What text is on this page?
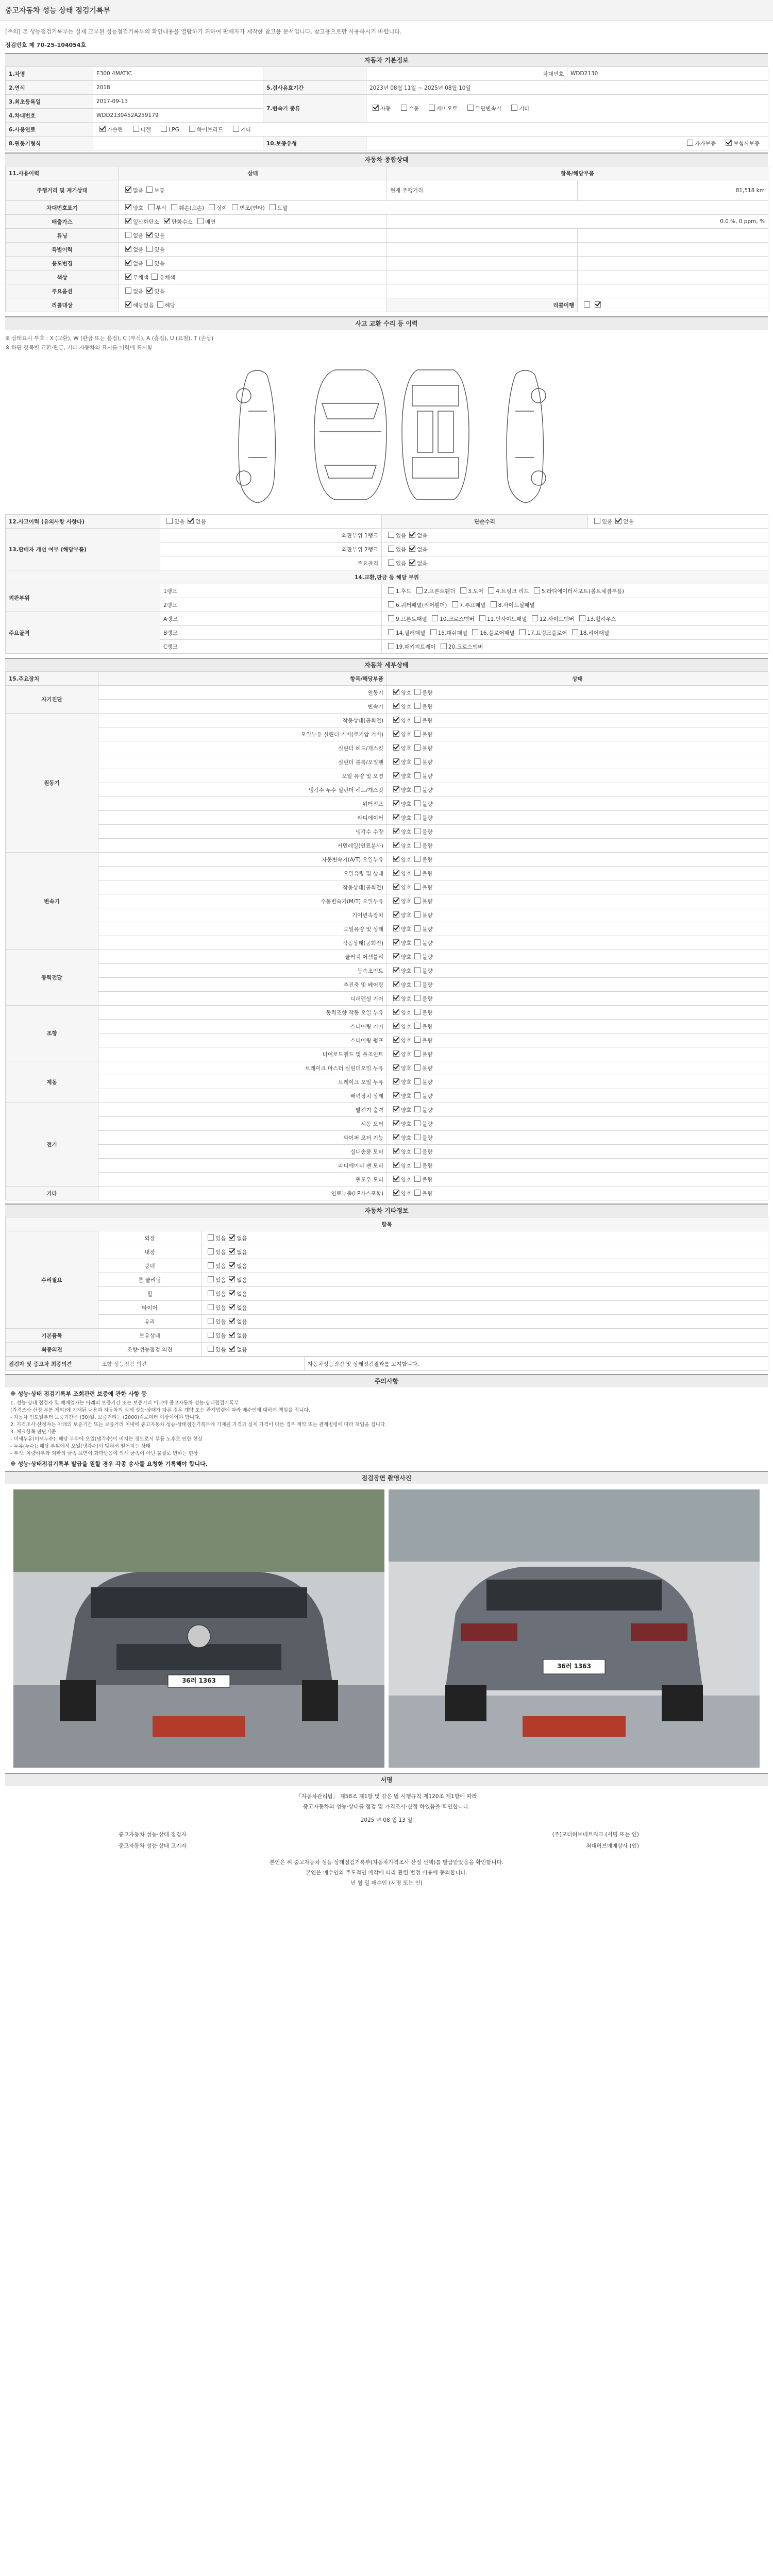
중고자동차 성능 상태 점검기록부
[주의] 본 성능점검기록부는 실제 교부된 성능점검기록부의 확인내용을 열람하기 위하여 판매자가 제작한 참고용 문서입니다. 참고용으로만 사용하시기 바랍니다.
점검번호 제 70-25-104054호
자동차 기본정보
1.차명	E300 4MATIC		차대번호	WDD2130
2.연식	2018	5.검사유효기간	2023년 08월 11일 ~ 2025년 08월 10일	
3.최초등록일	2017-09-13	7.변속기 종류	자동 수동 세미오토 무단변속기 기타	
4.차대번호	WDD2130452A259179			
6.사용연료	가솔린 디젤 LPG 하이브리드 기타			
8.원동기형식		10.보증유형	자가보증 보험사보증	
자동차 종합상태
11.사용이력	상태	항목/해당부품	
주행거리 및 계기상태	많음 보통	현재 주행거리	81,518 km
차대번호표기	양호 부식 훼손(오손) 상이 변조(변타) 도말		
배출가스	일산화탄소 탄화수소 매연	0.0 %, 0 ppm, %	
튜닝	없음 있음		
특별이력	없음 있음		
용도변경	없음 있음		
색상	무채색 유채색		
주요옵션	없음 있음		
리콜대상	해당없음 해당	리콜이행	
사고 교환 수리 등 이력
※ 상태표시 부호 : X (교환), W (판금 또는 용접), C (부식), A (흠집), U (요철), T (손상)
※ 하단 항목별 교환·판금, 기타 자동차의 표시를 이력에 표시함
12.사고이력 (유의사항 사항다)	있음 없음	단순수리	있음 없음
13.판매자 개선 여부 (해당부품)	외판부위 1랭크	있음 없음	
	외판부위 2랭크	있음 없음	
	주요골격	있음 없음	
14.교환,판금 등 해당 부위			
외판부위	1랭크	1.후드 2.프론트휀더 3.도어 4.트렁크 리드 5.라디에이터서포트(볼트체결부품)	
	2랭크	6.쿼터패널(리어휀더) 7.루프패널 8.사이드실패널	
주요골격	A랭크	9.프론트패널 10.크로스멤버 11.인사이드패널 12.사이드멤버 13.휠하우스	
	B랭크	14.필러패널 15.대쉬패널 16.플로어패널 17.트렁크플로어 18.리어패널	
	C랭크	19.패키지트레이 20.크로스멤버	
자동차 세부상태
15.주요장치	항목/해당부품	상태
자기진단	원동기	양호 불량
	변속기	양호 불량
원동기	작동상태(공회전)	양호 불량
	오일누유 실린더 커버(로커암 커버)	양호 불량
	실린더 헤드/개스킷	양호 불량
	실린더 블록/오일팬	양호 불량
	오일 유량 및 오염	양호 불량
	냉각수 누수 실린더 헤드/개스킷	양호 불량
	워터펌프	양호 불량
	라디에이터	양호 불량
	냉각수 수량	양호 불량
	커먼레일(연료분사)	양호 불량
변속기	자동변속기(A/T) 오일누유	양호 불량
	오일유량 및 상태	양호 불량
	작동상태(공회전)	양호 불량
	수동변속기(M/T) 오일누유	양호 불량
	기어변속장치	양호 불량
	오일유량 및 상태	양호 불량
	작동상태(공회전)	양호 불량
동력전달	클러치 어셈블리	양호 불량
	등속조인트	양호 불량
	추진축 및 베어링	양호 불량
	디퍼렌셜 기어	양호 불량
조향	동력조향 작동 오일 누유	양호 불량
	스티어링 기어	양호 불량
	스티어링 펌프	양호 불량
	타이로드엔드 및 볼조인트	양호 불량
제동	브레이크 마스터 실린더오일 누유	양호 불량
	브레이크 오일 누유	양호 불량
	배력장치 상태	양호 불량
전기	발전기 출력	양호 불량
	시동 모터	양호 불량
	와이퍼 모터 기능	양호 불량
	실내송풍 모터	양호 불량
	라디에이터 팬 모터	양호 불량
	윈도우 모터	양호 불량
기타	연료누출(LP가스포함)	양호 불량
자동차 기타정보
항목		
수리필요	외장	있음 없음
	내장	있음 없음
	광택	있음 없음
	룸 클리닝	있음 없음
	휠	있음 없음
	타이어	있음 없음
	유리	있음 없음
기본품목	보유상태	있음 없음
최종의견	조향·성능점검 의견	있음 없음
점검자 및 중고차 최종의견	조향·성능점검 의견	자동차성능점검 및 상태점검결과를 고지합니다.
주의사항
※ 성능·상태 점검기록부 조회관련 보증에 관한 사항 등
1. 성능·상태 점검자 및 매매업자는 아래의 보증기간 또는 보증거리 이내에 중고자동차 성능·상태점검기록부
(가격조사·산정 부분 제외)에 기재된 내용과 자동차의 실제 성능·상태가 다른 경우 계약 또는 관계법령에 따라 매수인에 대하여 책임을 집니다.
- 자동차 인도일부터 보증기간은 (30)일, 보증거리는 (2000)킬로미터 이상이어야 합니다.
2. 가격조사·산정자는 아래의 보증기간 또는 보증거리 이내에 중고자동차 성능·상태점검기록부에 기재된 가격과 실제 가격이 다른 경우 계약 또는 관계법령에 따라 책임을 집니다.
3. 체크항목 판단기준
- 미세누유(미세누수): 해당 부위에 오일(냉각수)이 비치는 정도로서 부품 노후로 인한 현상
- 누유(누수): 해당 부위에서 오일(냉각수)이 맺혀서 떨어지는 상태
- 부식: 차량하부와 외판의 금속 표면이 화학반응에 의해 금속이 아닌 물질로 변하는 현상
※ 성능·상태점검기록부 발급을 원할 경우 각종 송사를 요청한 기록해야 합니다.
점검장면 촬영사진
36러 1363
36러 1363
서명
「자동차관리법」 제58조 제1항 및 같은 법 시행규칙 제120조 제1항에 따라
중고자동차의 성능·상태를 점검 및 가격조사·산정 하였음을 확인합니다.
2025 년 08 월 13 일
중고자동차 성능·상태 점검자	(주)모터허브네트워크 (서명 또는 인)
중고자동차 성능·상태 고지자	최대허브매매상사 (인)
본인은 위 중고자동차 성능·상태점검기록부(자동차가격조사·산정 선택)를 발급받았음을 확인합니다.
본인은 매수인의 주도적인 매각에 따라 관련 법정 비용에 동의합니다.
년 월 일 매수인 (서명 또는 인)
